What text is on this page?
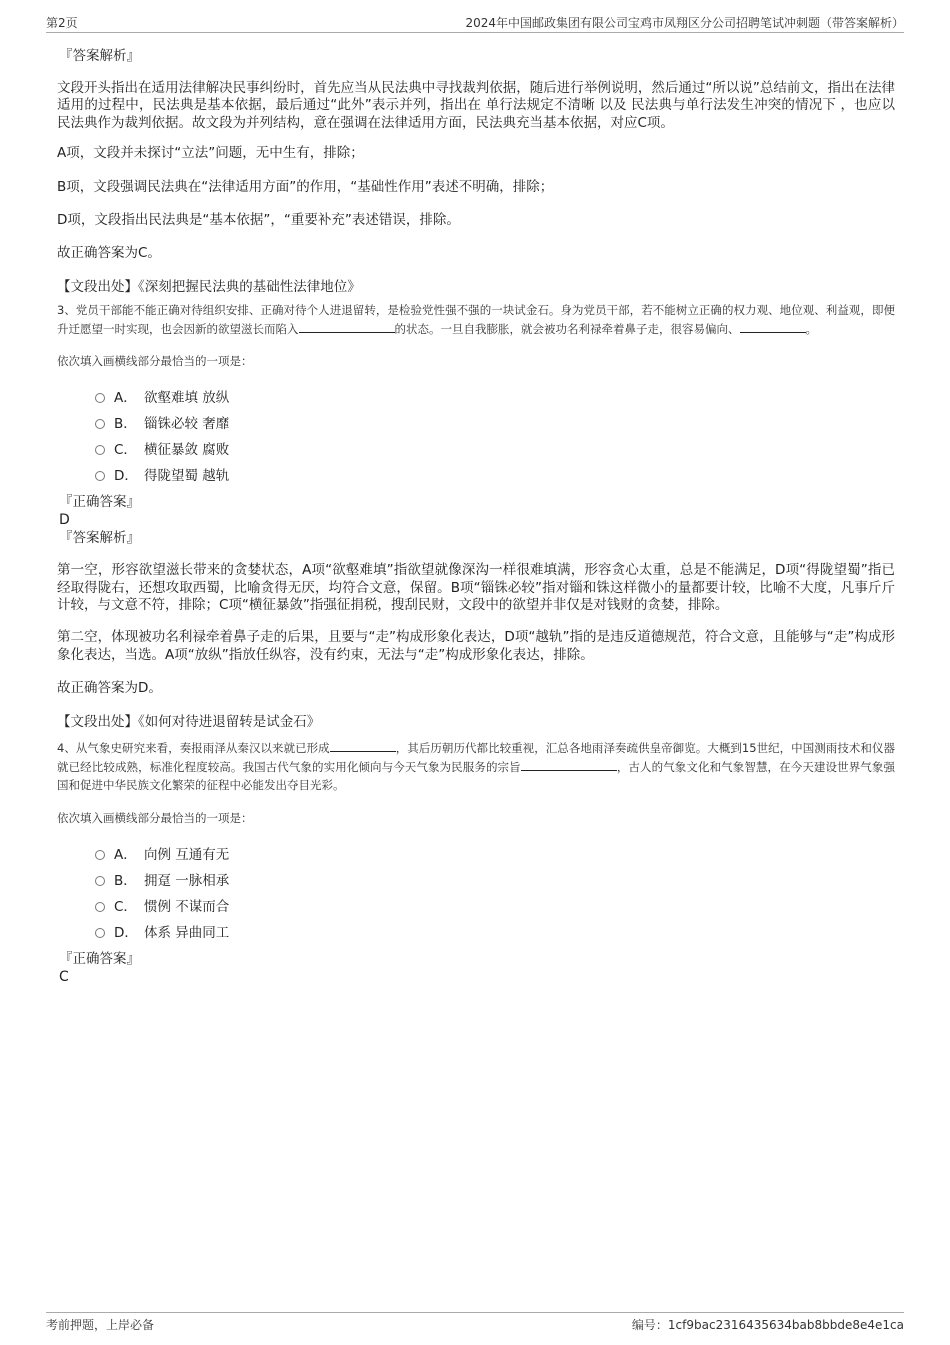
第2页	2024年中国邮政集团有限公司宝鸡市凤翔区分公司招聘笔试冲刺题（带答案解析）
『答案解析』
文段开头指出在适用法律解决民事纠纷时，首先应当从民法典中寻找裁判依据，随后进行举例说明，然后通过“所以说”总结前文，指出在法律适用的过程中，民法典是基本依据，最后通过“此外”表示并列，指出在 单行法规定不清晰 以及 民法典与单行法发生冲突的情况下 ，也应以民法典作为裁判依据。故文段为并列结构，意在强调在法律适用方面，民法典充当基本依据，对应C项。
A项，文段并未探讨“立法”问题，无中生有，排除；
B项，文段强调民法典在“法律适用方面”的作用，“基础性作用”表述不明确，排除；
D项，文段指出民法典是“基本依据”，“重要补充”表述错误，排除。
故正确答案为C。
【文段出处】《深刻把握民法典的基础性法律地位》
3、党员干部能不能正确对待组织安排、正确对待个人进退留转，是检验党性强不强的一块试金石。身为党员干部，若不能树立正确的权力观、地位观、利益观，即便升迁愿望一时实现，也会因新的欲望滋长而陷入	的状态。一旦自我膨胀，就会被功名利禄牵着鼻子走，很容易偏向、	。
依次填入画横线部分最恰当的一项是：
A． 欲壑难填 放纵
B． 锱铢必较 奢靡
C． 横征暴敛 腐败
D． 得陇望蜀 越轨
『正确答案』
D
『答案解析』
第一空，形容欲望滋长带来的贪婪状态，A项“欲壑难填”指欲望就像深沟一样很难填满，形容贪心太重，总是不能满足，D项“得陇望蜀”指已经取得陇右，还想攻取西蜀，比喻贪得无厌，均符合文意，保留。B项“锱铢必较”指对锱和铢这样微小的量都要计较，比喻不大度，凡事斤斤计较，与文意不符，排除；C项“横征暴敛”指强征捐税，搜刮民财，文段中的欲望并非仅是对钱财的贪婪，排除。
第二空，体现被功名利禄牵着鼻子走的后果，且要与“走”构成形象化表达，D项“越轨”指的是违反道德规范，符合文意，且能够与“走”构成形象化表达，当选。A项“放纵”指放任纵容，没有约束，无法与“走”构成形象化表达，排除。
故正确答案为D。
【文段出处】《如何对待进退留转是试金石》
4、从气象史研究来看，奏报雨泽从秦汉以来就已形成	，其后历朝历代都比较重视，汇总各地雨泽奏疏供皇帝御览。大概到15世纪，中国测雨技术和仪器就已经比较成熟，标准化程度较高。我国古代气象的实用化倾向与今天气象为民服务的宗旨	，古人的气象文化和气象智慧，在今天建设世界气象强国和促进中华民族文化繁荣的征程中必能发出夺目光彩。
依次填入画横线部分最恰当的一项是：
A． 向例 互通有无
B． 拥趸 一脉相承
C． 惯例 不谋而合
D． 体系 异曲同工
『正确答案』
C
考前押题，上岸必备	编号：1cf9bac2316435634bab8bbde8e4e1ca
